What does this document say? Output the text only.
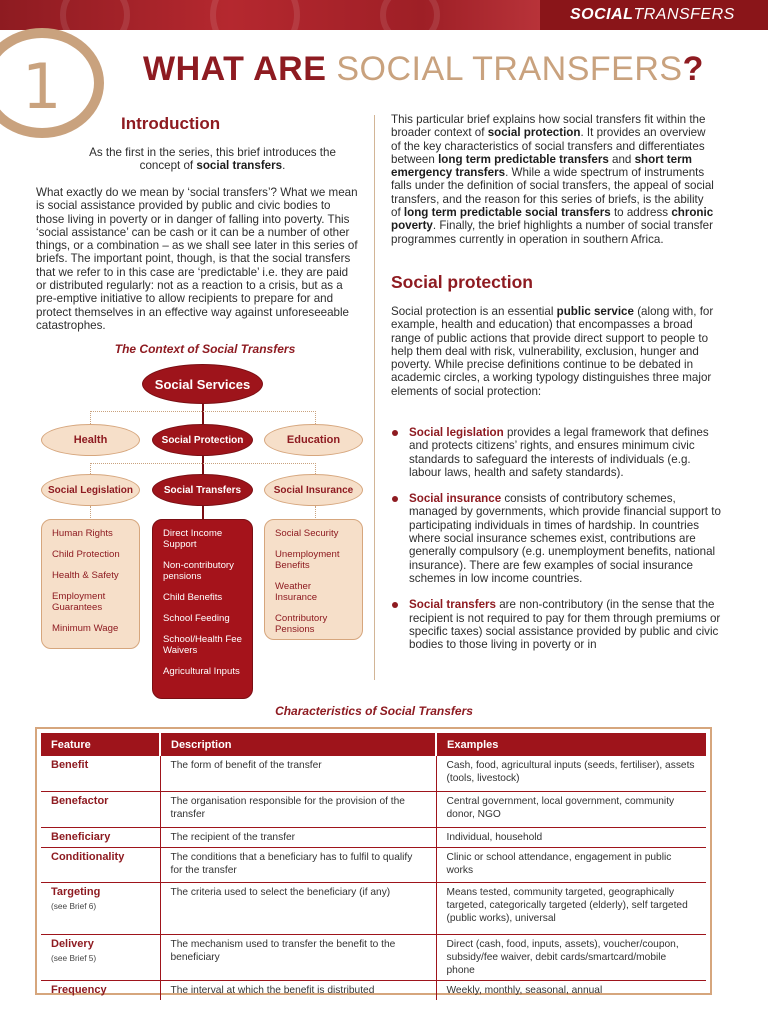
SOCIALTRANSFERS
1 WHAT ARE SOCIAL TRANSFERS?
Introduction
As the first in the series, this brief introduces the concept of social transfers.
What exactly do we mean by ‘social transfers’? What we mean is social assistance provided by public and civic bodies to those living in poverty or in danger of falling into poverty. This ‘social assistance’ can be cash or it can be a number of other things, or a combination – as we shall see later in this series of briefs. The important point, though, is that the social transfers that we refer to in this case are ‘predictable’ i.e. they are paid or distributed regularly: not as a reaction to a crisis, but as a pre-emptive initiative to allow recipients to prepare for and protect themselves in an effective way against unforeseeable catastrophes.
The Context of Social Transfers
Social Services
Health	Social Protection	Education
Social Legislation	Social Transfers	Social Insurance
Human Rights
Child Protection
Health & Safety
Employment Guarantees
Minimum Wage
Direct Income Support
Non-contributory pensions
Child Benefits
School Feeding
School/Health Fee Waivers
Agricultural Inputs
Social Security
Unemployment Benefits
Weather Insurance
Contributory Pensions
This particular brief explains how social transfers fit within the broader context of social protection. It provides an overview of the key characteristics of social transfers and differentiates between long term predictable transfers and short term emergency transfers. While a wide spectrum of instruments falls under the definition of social transfers, the appeal of social transfers, and the reason for this series of briefs, is the ability of long term predictable social transfers to address chronic poverty. Finally, the brief highlights a number of social transfer programmes currently in operation in southern Africa.
Social protection
Social protection is an essential public service (along with, for example, health and education) that encompasses a broad range of public actions that provide direct support to people to help them deal with risk, vulnerability, exclusion, hunger and poverty. While precise definitions continue to be debated in academic circles, a working typology distinguishes three major elements of social protection:
Social legislation provides a legal framework that defines and protects citizens’ rights, and ensures minimum civic standards to safeguard the interests of individuals (e.g. labour laws, health and safety standards).
Social insurance consists of contributory schemes, managed by governments, which provide financial support to participating individuals in times of hardship. In countries where social insurance schemes exist, contributions are generally compulsory (e.g. unemployment benefits, national insurance). There are few examples of social insurance schemes in low income countries.
Social transfers are non-contributory (in the sense that the recipient is not required to pay for them through premiums or specific taxes) social assistance provided by public and civic bodies to those living in poverty or in
Characteristics of Social Transfers
Feature	Description	Examples
Benefit	The form of benefit of the transfer	Cash, food, agricultural inputs (seeds, fertiliser), assets (tools, livestock)
Benefactor	The organisation responsible for the provision of the transfer	Central government, local government, community donor, NGO
Beneficiary	The recipient of the transfer	Individual, household
Conditionality	The conditions that a beneficiary has to fulfil to qualify for the transfer	Clinic or school attendance, engagement in public works
Targeting
(see Brief 6)	The criteria used to select the beneficiary (if any)	Means tested, community targeted, geographically targeted, categorically targeted (elderly), self targeted (public works), universal
Delivery
(see Brief 5)	The mechanism used to transfer the benefit to the beneficiary	Direct (cash, food, inputs, assets), voucher/coupon, subsidy/fee waiver, debit cards/smartcard/mobile phone
Frequency	The interval at which the benefit is distributed	Weekly, monthly, seasonal, annual
